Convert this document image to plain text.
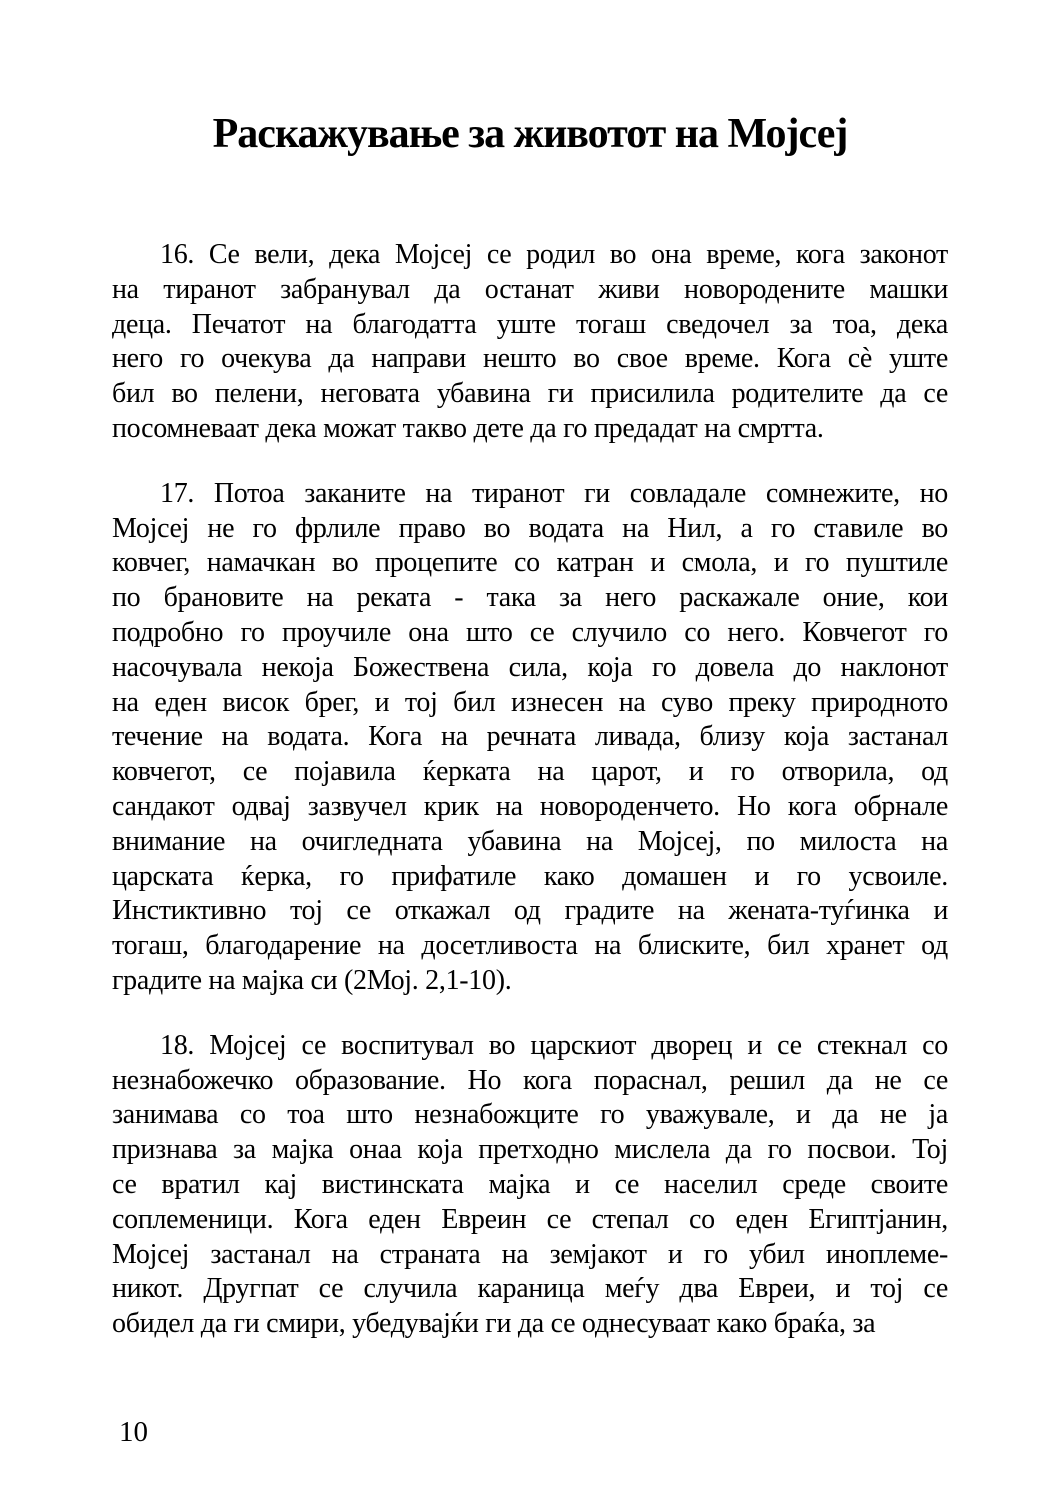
Раскажување за животот на Мојсеј

16. Се вели, дека Мојсеј се родил во она време, кога законот
на тиранот забранувал да останат живи новородените машки
деца. Печатот на благодатта уште тогаш сведочел за тоа, дека
него го очекува да направи нешто во свое време. Кога сѐ уште
бил во пелени, неговата убавина ги присилила родителите да се
посомневаат дека можат такво дете да го предадат на смртта.

17. Потоа заканите на тиранот ги совладале сомнежите, но
Мојсеј не го фрлиле право во водата на Нил, а го ставиле во
ковчег, намачкан во процепите со катран и смола, и го пуштиле
по брановите на реката - така за него раскажале оние, кои
подробно го проучиле она што се случило со него. Ковчегот го
насочувала некоја Божествена сила, која го довела до наклонот
на еден висок брег, и тој бил изнесен на суво преку природното
течение на водата. Кога на речната ливада, близу која застанал
ковчегот, се појавила ќерката на царот, и го отворила, од
сандакот одвај зазвучел крик на новороденчето. Но кога обрнале
внимание на очигледната убавина на Мојсеј, по милоста на
царската ќерка, го прифатиле како домашен и го усвоиле.
Инстиктивно тој се откажал од градите на жената-туѓинка и
тогаш, благодарение на досетливоста на блиските, бил хранет од
градите на мајка си (2Мој. 2,1-10).

18. Мојсеј се воспитувал во царскиот дворец и се стекнал со
незнабожечко образование. Но кога пораснал, решил да не се
занимава со тоа што незнабожците го уважувале, и да не ја
признава за мајка онаа која претходно мислела да го посвои. Тој
се вратил кај вистинската мајка и се населил среде своите
соплеменици. Кога еден Евреин се степал со еден Египтјанин,
Мојсеј застанал на страната на земјакот и го убил иноплеме-
никот. Другпат се случила караница меѓу два Евреи, и тој се
обидел да ги смири, убедувајќи ги да се однесуваат како браќа, за

10
